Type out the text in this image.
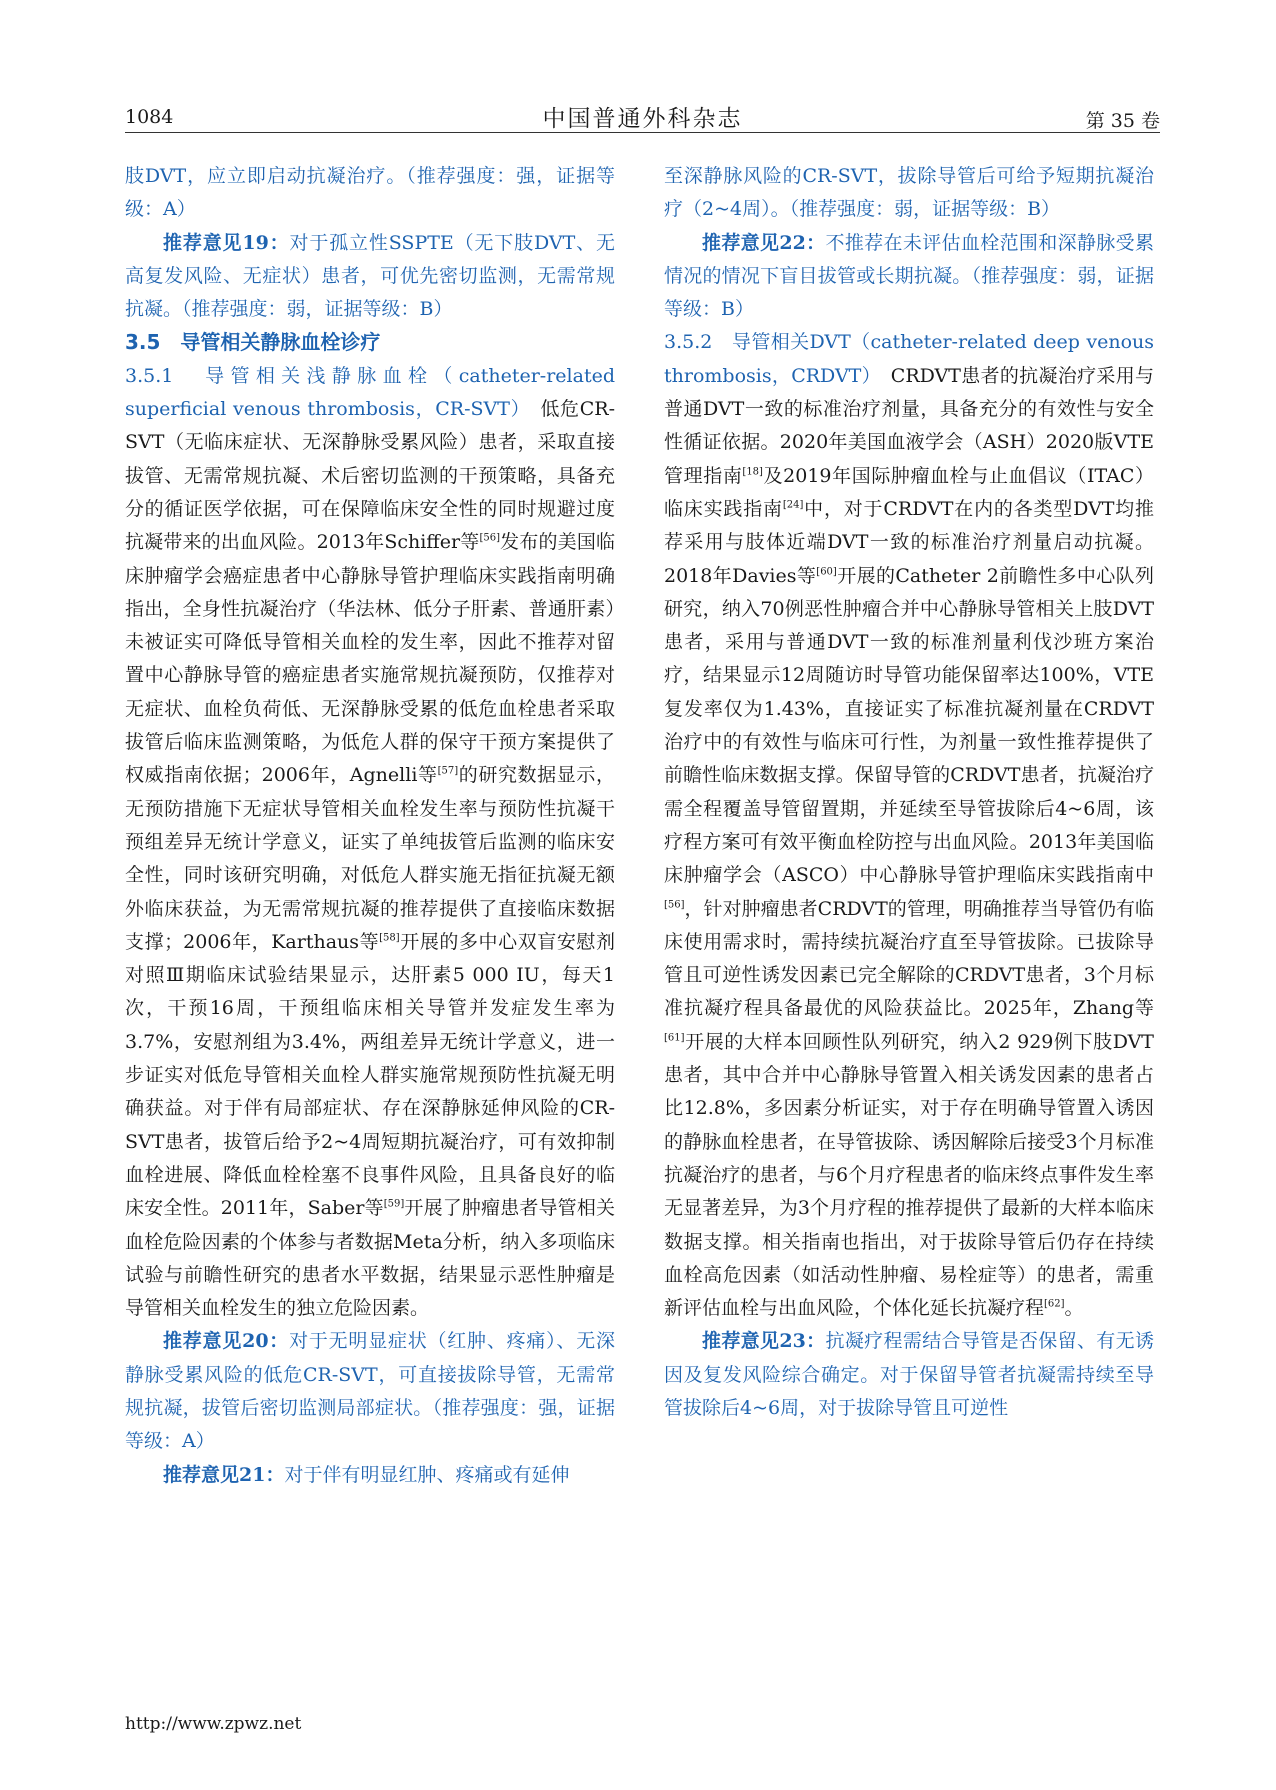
1084	中国普通外科杂志	第 35 卷

肢DVT，应立即启动抗凝治疗。（推荐强度：强，证据等级：A）

推荐意见19：对于孤立性SSPTE（无下肢DVT、无高复发风险、无症状）患者，可优先密切监测，无需常规抗凝。（推荐强度：弱，证据等级：B）

3.5　导管相关静脉血栓诊疗

3.5.1　导管相关浅静脉血栓（catheter-related superficial venous thrombosis，CR-SVT）　低危CR-SVT（无临床症状、无深静脉受累风险）患者，采取直接拔管、无需常规抗凝、术后密切监测的干预策略，具备充分的循证医学依据，可在保障临床安全性的同时规避过度抗凝带来的出血风险。2013年Schiffer等[56]发布的美国临床肿瘤学会癌症患者中心静脉导管护理临床实践指南明确指出，全身性抗凝治疗（华法林、低分子肝素、普通肝素）未被证实可降低导管相关血栓的发生率，因此不推荐对留置中心静脉导管的癌症患者实施常规抗凝预防，仅推荐对无症状、血栓负荷低、无深静脉受累的低危血栓患者采取拔管后临床监测策略，为低危人群的保守干预方案提供了权威指南依据；2006年，Agnelli等[57]的研究数据显示，无预防措施下无症状导管相关血栓发生率与预防性抗凝干预组差异无统计学意义，证实了单纯拔管后监测的临床安全性，同时该研究明确，对低危人群实施无指征抗凝无额外临床获益，为无需常规抗凝的推荐提供了直接临床数据支撑；2006年，Karthaus等[58]开展的多中心双盲安慰剂对照Ⅲ期临床试验结果显示，达肝素5 000 IU，每天1次，干预16周，干预组临床相关导管并发症发生率为3.7%，安慰剂组为3.4%，两组差异无统计学意义，进一步证实对低危导管相关血栓人群实施常规预防性抗凝无明确获益。对于伴有局部症状、存在深静脉延伸风险的CR-SVT患者，拔管后给予2~4周短期抗凝治疗，可有效抑制血栓进展、降低血栓栓塞不良事件风险，且具备良好的临床安全性。2011年，Saber等[59]开展了肿瘤患者导管相关血栓危险因素的个体参与者数据Meta分析，纳入多项临床试验与前瞻性研究的患者水平数据，结果显示恶性肿瘤是导管相关血栓发生的独立危险因素。

推荐意见20：对于无明显症状（红肿、疼痛）、无深静脉受累风险的低危CR-SVT，可直接拔除导管，无需常规抗凝，拔管后密切监测局部症状。（推荐强度：强，证据等级：A）

推荐意见21：对于伴有明显红肿、疼痛或有延伸

至深静脉风险的CR-SVT，拔除导管后可给予短期抗凝治疗（2~4周）。（推荐强度：弱，证据等级：B）

推荐意见22：不推荐在未评估血栓范围和深静脉受累情况的情况下盲目拔管或长期抗凝。（推荐强度：弱，证据等级：B）

3.5.2　导管相关DVT（catheter-related deep venous thrombosis，CRDVT）　CRDVT患者的抗凝治疗采用与普通DVT一致的标准治疗剂量，具备充分的有效性与安全性循证依据。2020年美国血液学会（ASH）2020版VTE管理指南[18]及2019年国际肿瘤血栓与止血倡议（ITAC）临床实践指南[24]中，对于CRDVT在内的各类型DVT均推荐采用与肢体近端DVT一致的标准治疗剂量启动抗凝。2018年Davies等[60]开展的Catheter 2前瞻性多中心队列研究，纳入70例恶性肿瘤合并中心静脉导管相关上肢DVT患者，采用与普通DVT一致的标准剂量利伐沙班方案治疗，结果显示12周随访时导管功能保留率达100%，VTE复发率仅为1.43%，直接证实了标准抗凝剂量在CRDVT治疗中的有效性与临床可行性，为剂量一致性推荐提供了前瞻性临床数据支撑。保留导管的CRDVT患者，抗凝治疗需全程覆盖导管留置期，并延续至导管拔除后4~6周，该疗程方案可有效平衡血栓防控与出血风险。2013年美国临床肿瘤学会（ASCO）中心静脉导管护理临床实践指南中[56]，针对肿瘤患者CRDVT的管理，明确推荐当导管仍有临床使用需求时，需持续抗凝治疗直至导管拔除。已拔除导管且可逆性诱发因素已完全解除的CRDVT患者，3个月标准抗凝疗程具备最优的风险获益比。2025年，Zhang等[61]开展的大样本回顾性队列研究，纳入2 929例下肢DVT患者，其中合并中心静脉导管置入相关诱发因素的患者占比12.8%，多因素分析证实，对于存在明确导管置入诱因的静脉血栓患者，在导管拔除、诱因解除后接受3个月标准抗凝治疗的患者，与6个月疗程患者的临床终点事件发生率无显著差异，为3个月疗程的推荐提供了最新的大样本临床数据支撑。相关指南也指出，对于拔除导管后仍存在持续血栓高危因素（如活动性肿瘤、易栓症等）的患者，需重新评估血栓与出血风险，个体化延长抗凝疗程[62]。

推荐意见23：抗凝疗程需结合导管是否保留、有无诱因及复发风险综合确定。对于保留导管者抗凝需持续至导管拔除后4~6周，对于拔除导管且可逆性

http://www.zpwz.net
